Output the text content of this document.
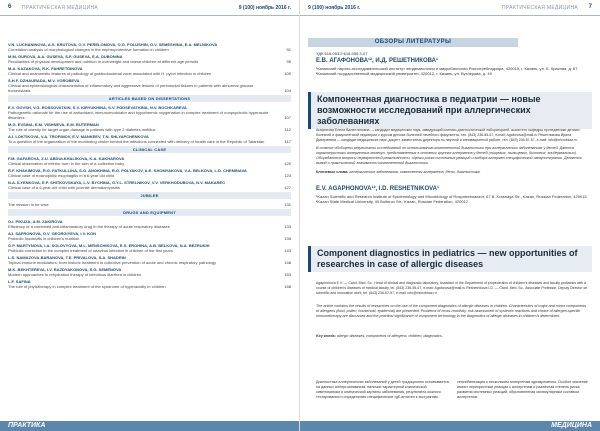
6 ПРАКТИЧЕСКАЯ МЕДИЦИНА	9 (100) ноябрь 2016 г.
V.N. LUCHANINOVA, A.S. KRUTOVA, O.V. PERELOMOVA, O.G. POLUSHIN, O.V. SEMESHINA, E.A. MELNIKOVA
Correlation analysis of morphological changes in the nephroprotective formation in children	91
M.M. GUROVA, A.A. GUSEVA, S.F. GUSEVA, E.A. DUBONINA
Peculiarities of physical development and nutrition in overweight and obese children at different age periods	95
M.A. KAZAKOVA, R.K. FAHRETDINOVA
Clinical and anamnestic features of pathology of gastroduodenal zone associated with H. pylori infection in children	100
S.H.F. DZHAURADA, M.V. VOROBEVA
Clinical and epidemiological characteristics of inflammatory and aggressive lesions of periodontal tissues in patients with abnormal glucose homeostasis	104
ARTICLES BASED ON DISSERTATIONS
E.V. GOVSH, V.G. ROSSOVATKIN, S.V. KIRYUKHINA, S.V. PODSEVATKINA, N.V. BOCHKAREVA
Pathogenetic rationale for the use of antioxidant, immunomodulator and hypothermic oxygenation in complex treatment of nonpsychotic hyperacute disorders	107
M.G. EVSINA, E.M. VISHNEVA, E.M. RUTERMAN
The role of obesity for target organ damage in patients with type 2 diabetes mellitus	112
A.I. LOKTIKOVA, V.A. TROFIMOV, E.V. MANKEEV, T.N. SHLYAPCHENKOVA
To a question of the organization of the monitoring center behind the infections connected with delivery of health care in the Republic of Tatarstan	117
CLINICAL CASE
F.M. GAFAROVA, Z.U. ABDULKHALIKOVA, K.A. KAKHAROVA
Clinical observation of inferior horn in the skin of a collection baby	120
R.F. KHAKIMOVA, R.G. FATKULLINA, S.G. ANOKHINA, R.G. POLYAKOV, A.E. KHOMYAKOVA, V.A. BELKOVA, L.D. CHEMINAVA
Clinical case of eosinophilic esophagitis in a 6-year old child	123
N.A. ILYENKOVA, E.P. SHITKOVSKAYA, L.V. BYCHINA, G.Y.L. STRELNIKOV, V.V. VERKHODUBOVA, N.V. MAKAREC
Clinical case of a 6-year-old child with juvenile dermatomyositis	127
JUBILEE
The mission to be wise	131
DRUGS AND EQUIPMENT
O.I. PIKUZA, A.M. ZAKIROVA
Efficiency of a combined anti-inflammatory drug in the therapy of acute respiratory diseases	133
A.I. SAFRONOVA, O.V. GEORGIYEVA, I.V. KON
Probiotic foodstuffs in children's nutrition	139
G.P. MARTYNOVA, I.A. SOLOVYOVA, M.L. MENSCHIKOVA, E.S. EROHINA, A.B. BELKOVA, N.A. BEZRUKIH
Probiotic correction in the complex treatment of rotavirus infection in children of the first years	143
L.S. NAMAZOVA-BARANOVA, T.E. PRIVALOVA, S.A. SHADRIN
Topical immune modulators: from historic treatment to collective prevention of acute and chronic respiratory pathology	148
M.K. BEKHTEREVA, I.V. RAZDYAKONOVA, S.G. SEMENOVA
Modern approaches to rehydration therapy of infectious diarrhea in children	153
L.F. SAFINA
The role of phytotherapy in complex treatment of the syndrome of hyperacidity in children	158
ПРАКТИКА
9 (100) ноябрь 2016 г.	ПРАКТИЧЕСКАЯ МЕДИЦИНА 7
ОБЗОРЫ ЛИТЕРАТУРЫ
УДК 616-053.2:616-056.3-07
Е.В. АГАФОНОВА¹², И.Д. РЕШЕТНИКОВА¹
¹Казанский научно-исследовательский институт эпидемиологии и микробиологии Роспотребнадзора, 420015, г. Казань, ул. Б. Красная, д. 67 ²Казанский государственный медицинский университет, 420012, г. Казань, ул. Бутлерова, д. 49
Компонентная диагностика в педиатрии — новые возможности исследований при аллергических заболеваниях
Агафонова Елена Валентиновна — кандидат медицинских наук, заведующий клинико-диагностической лабораторией, ассистент кафедры пропедевтики детских болезней и факультетской педиатрии с курсом детских болезней лечебного факультета, тел. (843) 236-55-67, e-mail: Agafonova@mail.ru Решетникова Ирина Дмитриевна — кандидат медицинских наук, доцент, заместитель директора по научной и инновационной работе, тел. (843) 236-67-57, e-mail: info@microbkaz.ru
В статье обобщены результаты исследований по использованию компонентной диагностики при аллергических заболеваниях у детей. Даются характеристики аллергенных молекул, представленных в основных группах аллергенов у детей (пищевых, пыльцевых, бытовых, эпидермальных). Обсуждаются вопросы перекрестной реактивности, оценки риска системных реакций и выбора аллерген-специфической иммунотерапии. Делается вывод о практической значимости компонентной диагностики.
Ключевые слова: аллергические заболевания, компоненты аллергенов, дети, диагностика.
E.V. AGAPHONOVA¹², I.D. RESHETNIKOVA¹
¹Kazan Scientific and Research Institute of Epidemiology and Microbiology of Rospotrebnadzor, 67 B. Krasnaya Str., Kazan, Russian Federation, 420015 ²Kazan State Medical University, 49 Butlerov Str., Kazan, Russian Federation, 420012
Component diagnostics in pediatrics — new opportunities of researches in case of allergic diseases
Agaphonova E.V. — Cand. Med. Sc., Head of clinical and diagnostic laboratory, Assistant of the Department of propedeutics of children's diseases and faculty pediatrics with a course of children's diseases of medical faculty, tel. (843) 236-55-67, e-mail: Agafonova@mail.ru Reshetnikova I.D. — Cand. Med. Sc., Associate Professor, Deputy Director on scientific and innovative work, tel. (843) 236-67-57, e-mail: info@microbkaz.ru
The article contains the results of researches on the use of the component diagnostics of allergic diseases in children. Characteristics of major and minor components of allergens (food, pollen, household, epidermal) are presented. Problems of cross-reactivity, risk assessment of systemic reactions and choice of allergen-specific immunotherapy are discussed and the practical significance of component technology in the diagnostics of allergic diseases in children is determined.
Key words: allergic diseases, components of allergens, children, diagnostics.
Диагностика аллергических заболеваний у детей традиционно основывается на данных аллергоанамнеза, наличии характерной клинической симптоматики и клинической картины заболевания, результатах кожного тестирования и определения специфических IgE-антител к экстрактам.
сенсибилизация к нескольким аллергенам одновременно. Особое значение имеют перекрестные реакции к аллергенам и различная степень риска развития системных реакций, обусловленная молекулярным составом аллергенов.
МЕДИЦИНА
